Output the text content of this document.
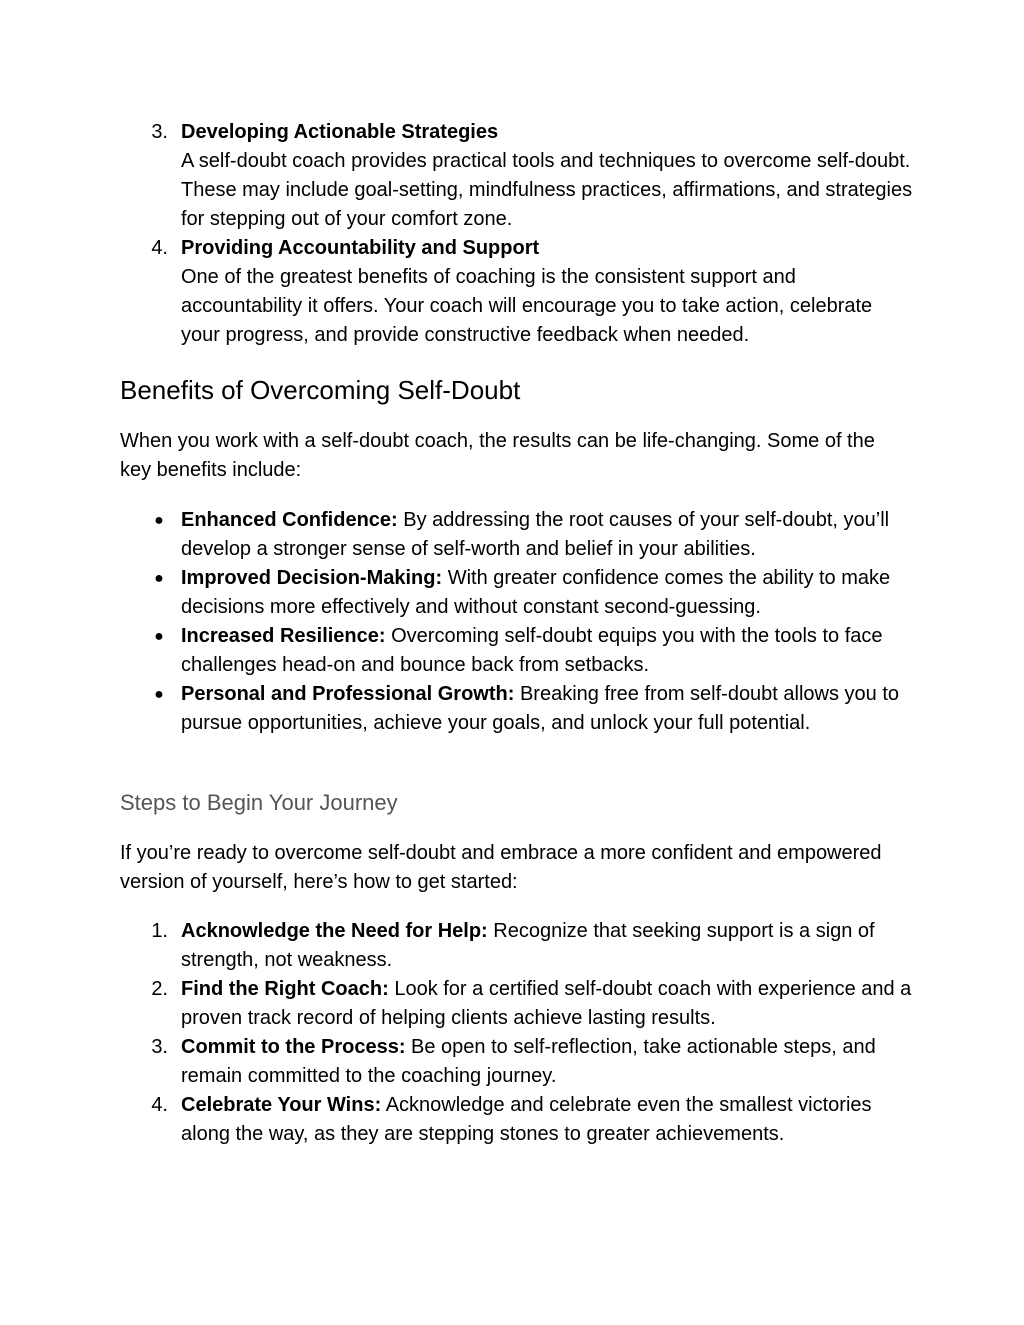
3. Developing Actionable Strategies
A self-doubt coach provides practical tools and techniques to overcome self-doubt. These may include goal-setting, mindfulness practices, affirmations, and strategies for stepping out of your comfort zone.
4. Providing Accountability and Support
One of the greatest benefits of coaching is the consistent support and accountability it offers. Your coach will encourage you to take action, celebrate your progress, and provide constructive feedback when needed.
Benefits of Overcoming Self-Doubt

When you work with a self-doubt coach, the results can be life-changing. Some of the key benefits include:

● Enhanced Confidence: By addressing the root causes of your self-doubt, you’ll develop a stronger sense of self-worth and belief in your abilities.
● Improved Decision-Making: With greater confidence comes the ability to make decisions more effectively and without constant second-guessing.
● Increased Resilience: Overcoming self-doubt equips you with the tools to face challenges head-on and bounce back from setbacks.
● Personal and Professional Growth: Breaking free from self-doubt allows you to pursue opportunities, achieve your goals, and unlock your full potential.
Steps to Begin Your Journey

If you’re ready to overcome self-doubt and embrace a more confident and empowered version of yourself, here’s how to get started:

1. Acknowledge the Need for Help: Recognize that seeking support is a sign of strength, not weakness.
2. Find the Right Coach: Look for a certified self-doubt coach with experience and a proven track record of helping clients achieve lasting results.
3. Commit to the Process: Be open to self-reflection, take actionable steps, and remain committed to the coaching journey.
4. Celebrate Your Wins: Acknowledge and celebrate even the smallest victories along the way, as they are stepping stones to greater achievements.
